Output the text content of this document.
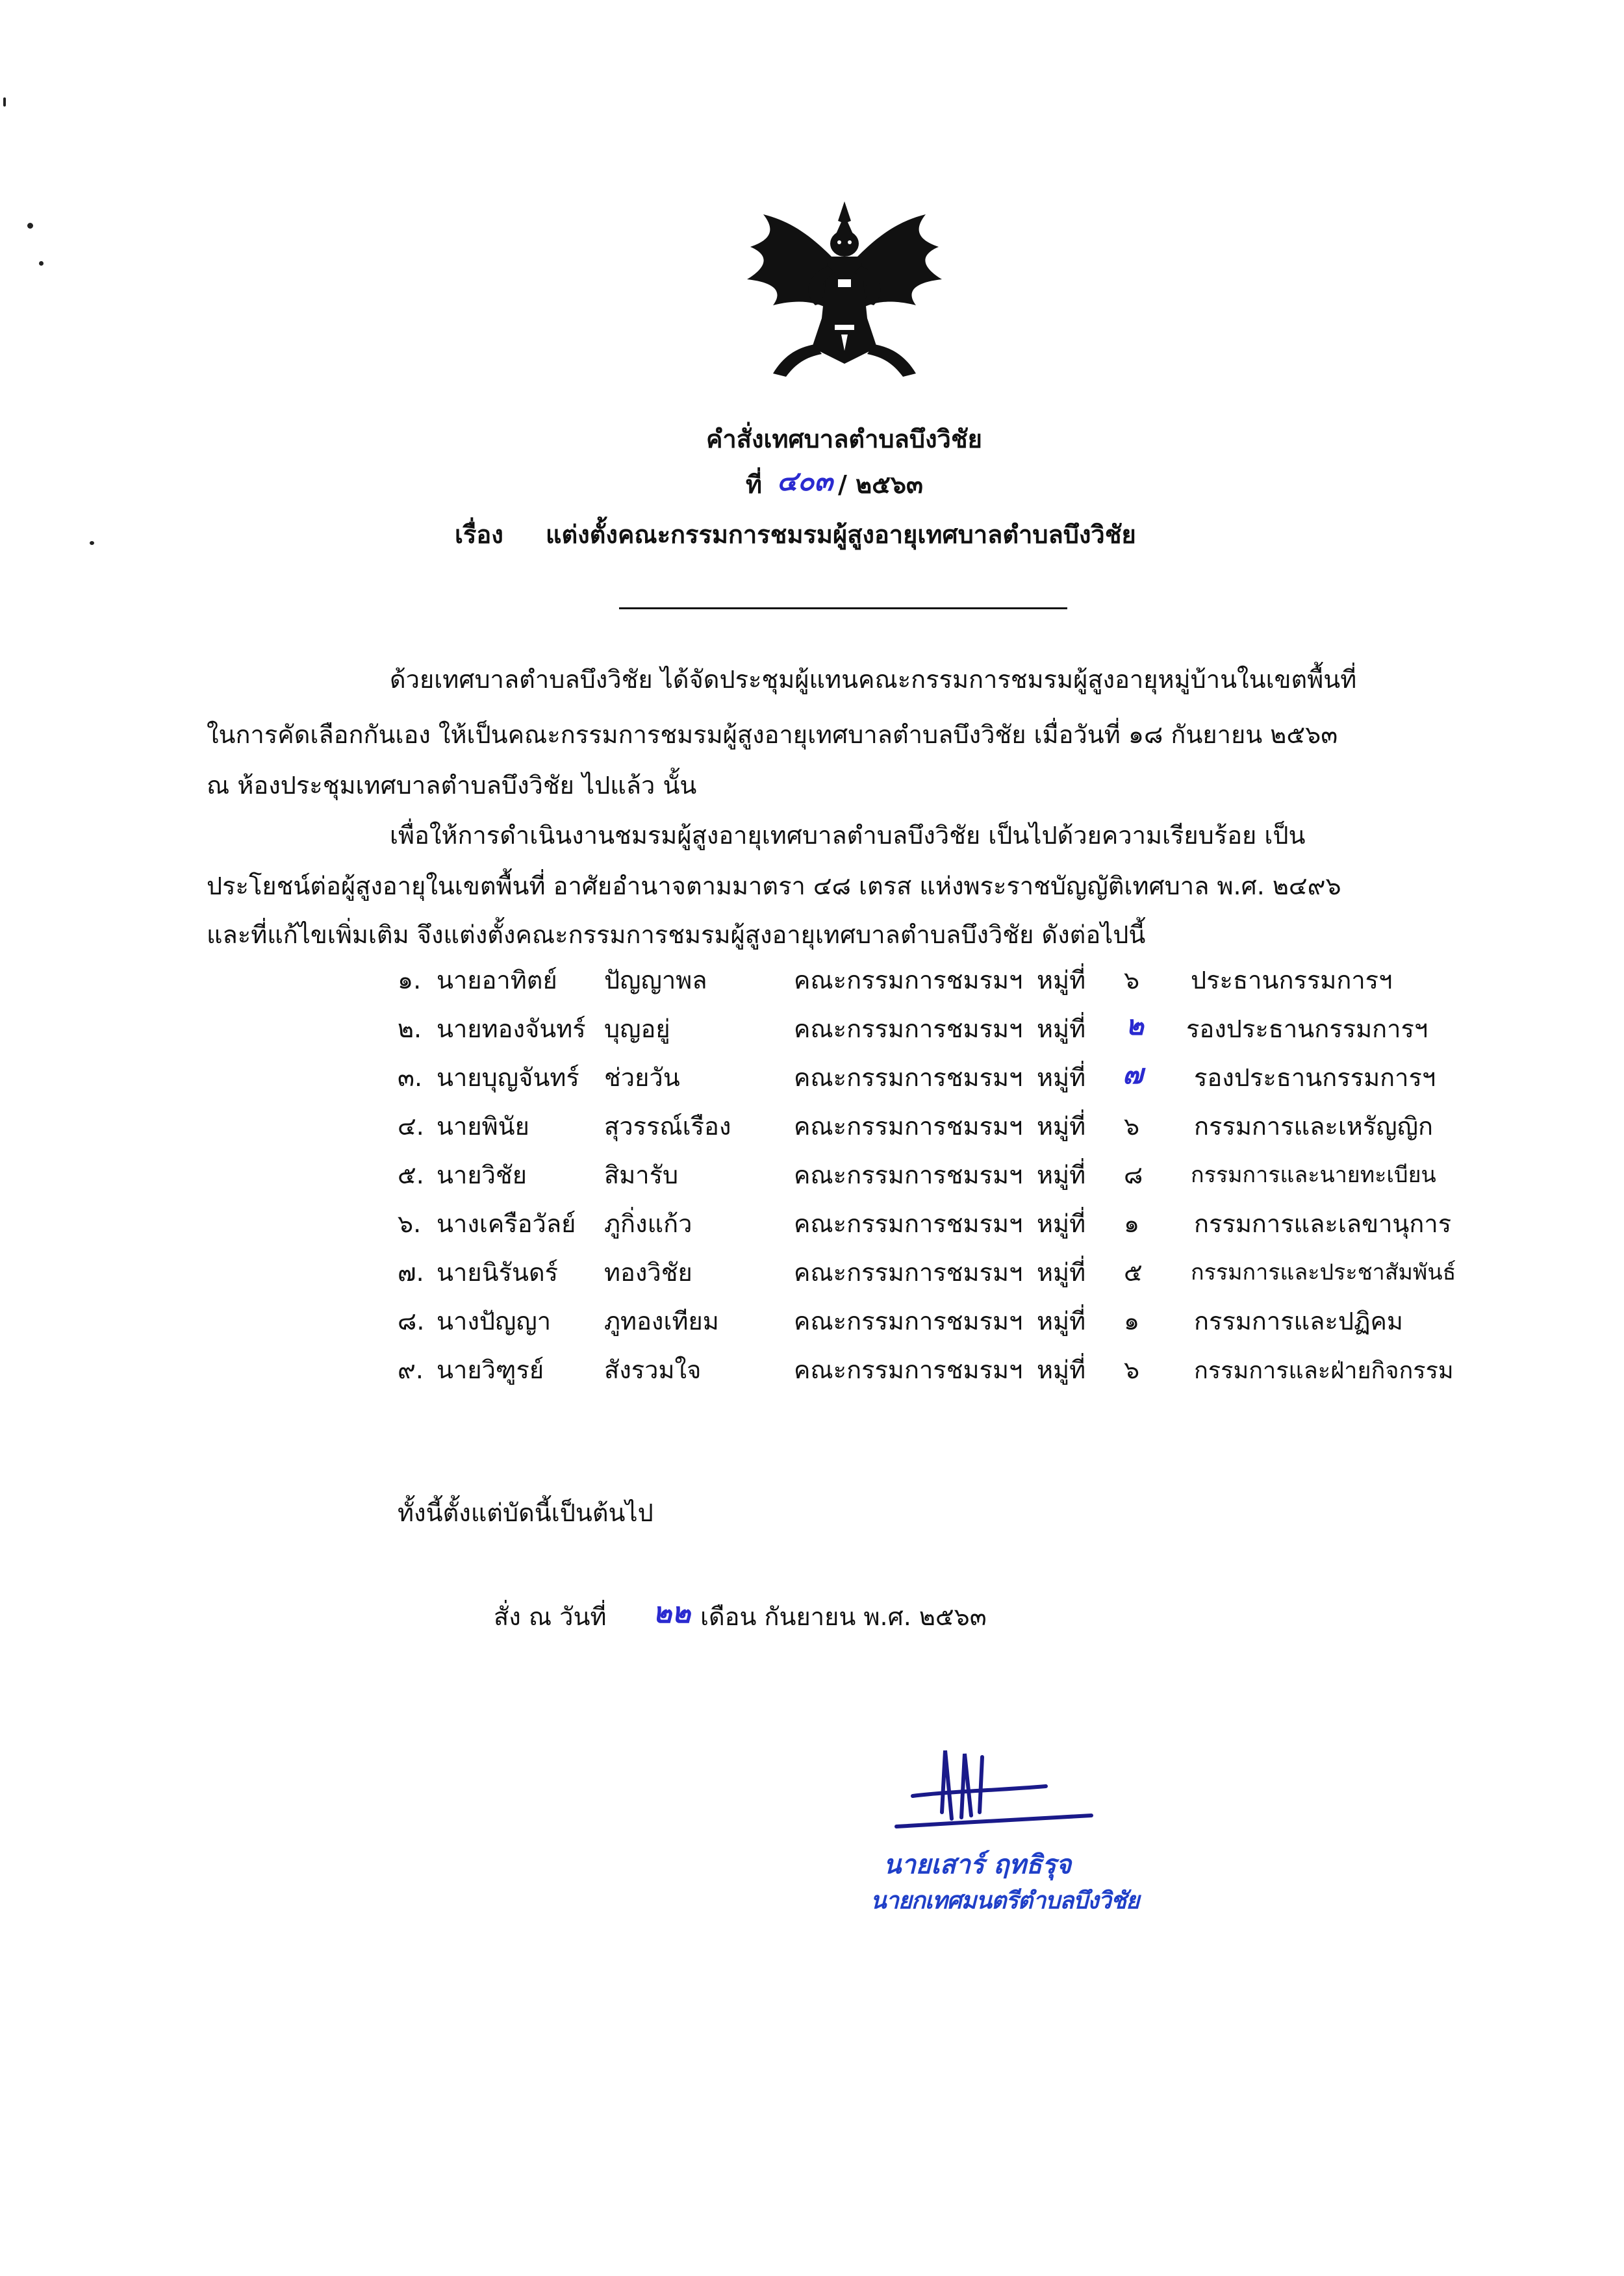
คำสั่งเทศบาลตำบลบึงวิชัย
ที่ ๔๐๓ / ๒๕๖๓
เรื่อง แต่งตั้งคณะกรรมการชมรมผู้สูงอายุเทศบาลตำบลบึงวิชัย
ด้วยเทศบาลตำบลบึงวิชัย ได้จัดประชุมผู้แทนคณะกรรมการชมรมผู้สูงอายุหมู่บ้านในเขตพื้นที่
ในการคัดเลือกกันเอง ให้เป็นคณะกรรมการชมรมผู้สูงอายุเทศบาลตำบลบึงวิชัย เมื่อวันที่ ๑๘ กันยายน ๒๕๖๓
ณ ห้องประชุมเทศบาลตำบลบึงวิชัย ไปแล้ว นั้น
เพื่อให้การดำเนินงานชมรมผู้สูงอายุเทศบาลตำบลบึงวิชัย เป็นไปด้วยความเรียบร้อย เป็น
ประโยชน์ต่อผู้สูงอายุในเขตพื้นที่ อาศัยอำนาจตามมาตรา ๔๘ เตรส แห่งพระราชบัญญัติเทศบาล พ.ศ. ๒๔๙๖
และที่แก้ไขเพิ่มเติม จึงแต่งตั้งคณะกรรมการชมรมผู้สูงอายุเทศบาลตำบลบึงวิชัย ดังต่อไปนี้
๑. นายอาทิตย์ ปัญญาพล	คณะกรรมการชมรมฯ หมู่ที่ ๖ ประธานกรรมการฯ
๒. นายทองจันทร์ บุญอยู่	คณะกรรมการชมรมฯ หมู่ที่ ๒ รองประธานกรรมการฯ
๓. นายบุญจันทร์ ช่วยวัน	คณะกรรมการชมรมฯ หมู่ที่ ๗ รองประธานกรรมการฯ
๔. นายพินัย	สุวรรณ์เรือง	คณะกรรมการชมรมฯ หมู่ที่ ๖ กรรมการและเหรัญญิก
๕. นายวิชัย	สิมารับ	คณะกรรมการชมรมฯ หมู่ที่ ๘ กรรมการและนายทะเบียน
๖. นางเครือวัลย์ ภูกิ่งแก้ว	คณะกรรมการชมรมฯ หมู่ที่ ๑ กรรมการและเลขานุการ
๗. นายนิรันดร์ ทองวิชัย	คณะกรรมการชมรมฯ หมู่ที่ ๕ กรรมการและประชาสัมพันธ์
๘. นางปัญญา ภูทองเทียม	คณะกรรมการชมรมฯ หมู่ที่ ๑ กรรมการและปฏิคม
๙. นายวิฑูรย์ สังรวมใจ	คณะกรรมการชมรมฯ หมู่ที่ ๖ กรรมการและฝ่ายกิจกรรม
ทั้งนี้ตั้งแต่บัดนี้เป็นต้นไป
สั่ง ณ วันที่ ๒๒ เดือน กันยายน พ.ศ. ๒๕๖๓
นายเสาร์ ฤทธิรุจ
นายกเทศมนตรีตำบลบึงวิชัย
